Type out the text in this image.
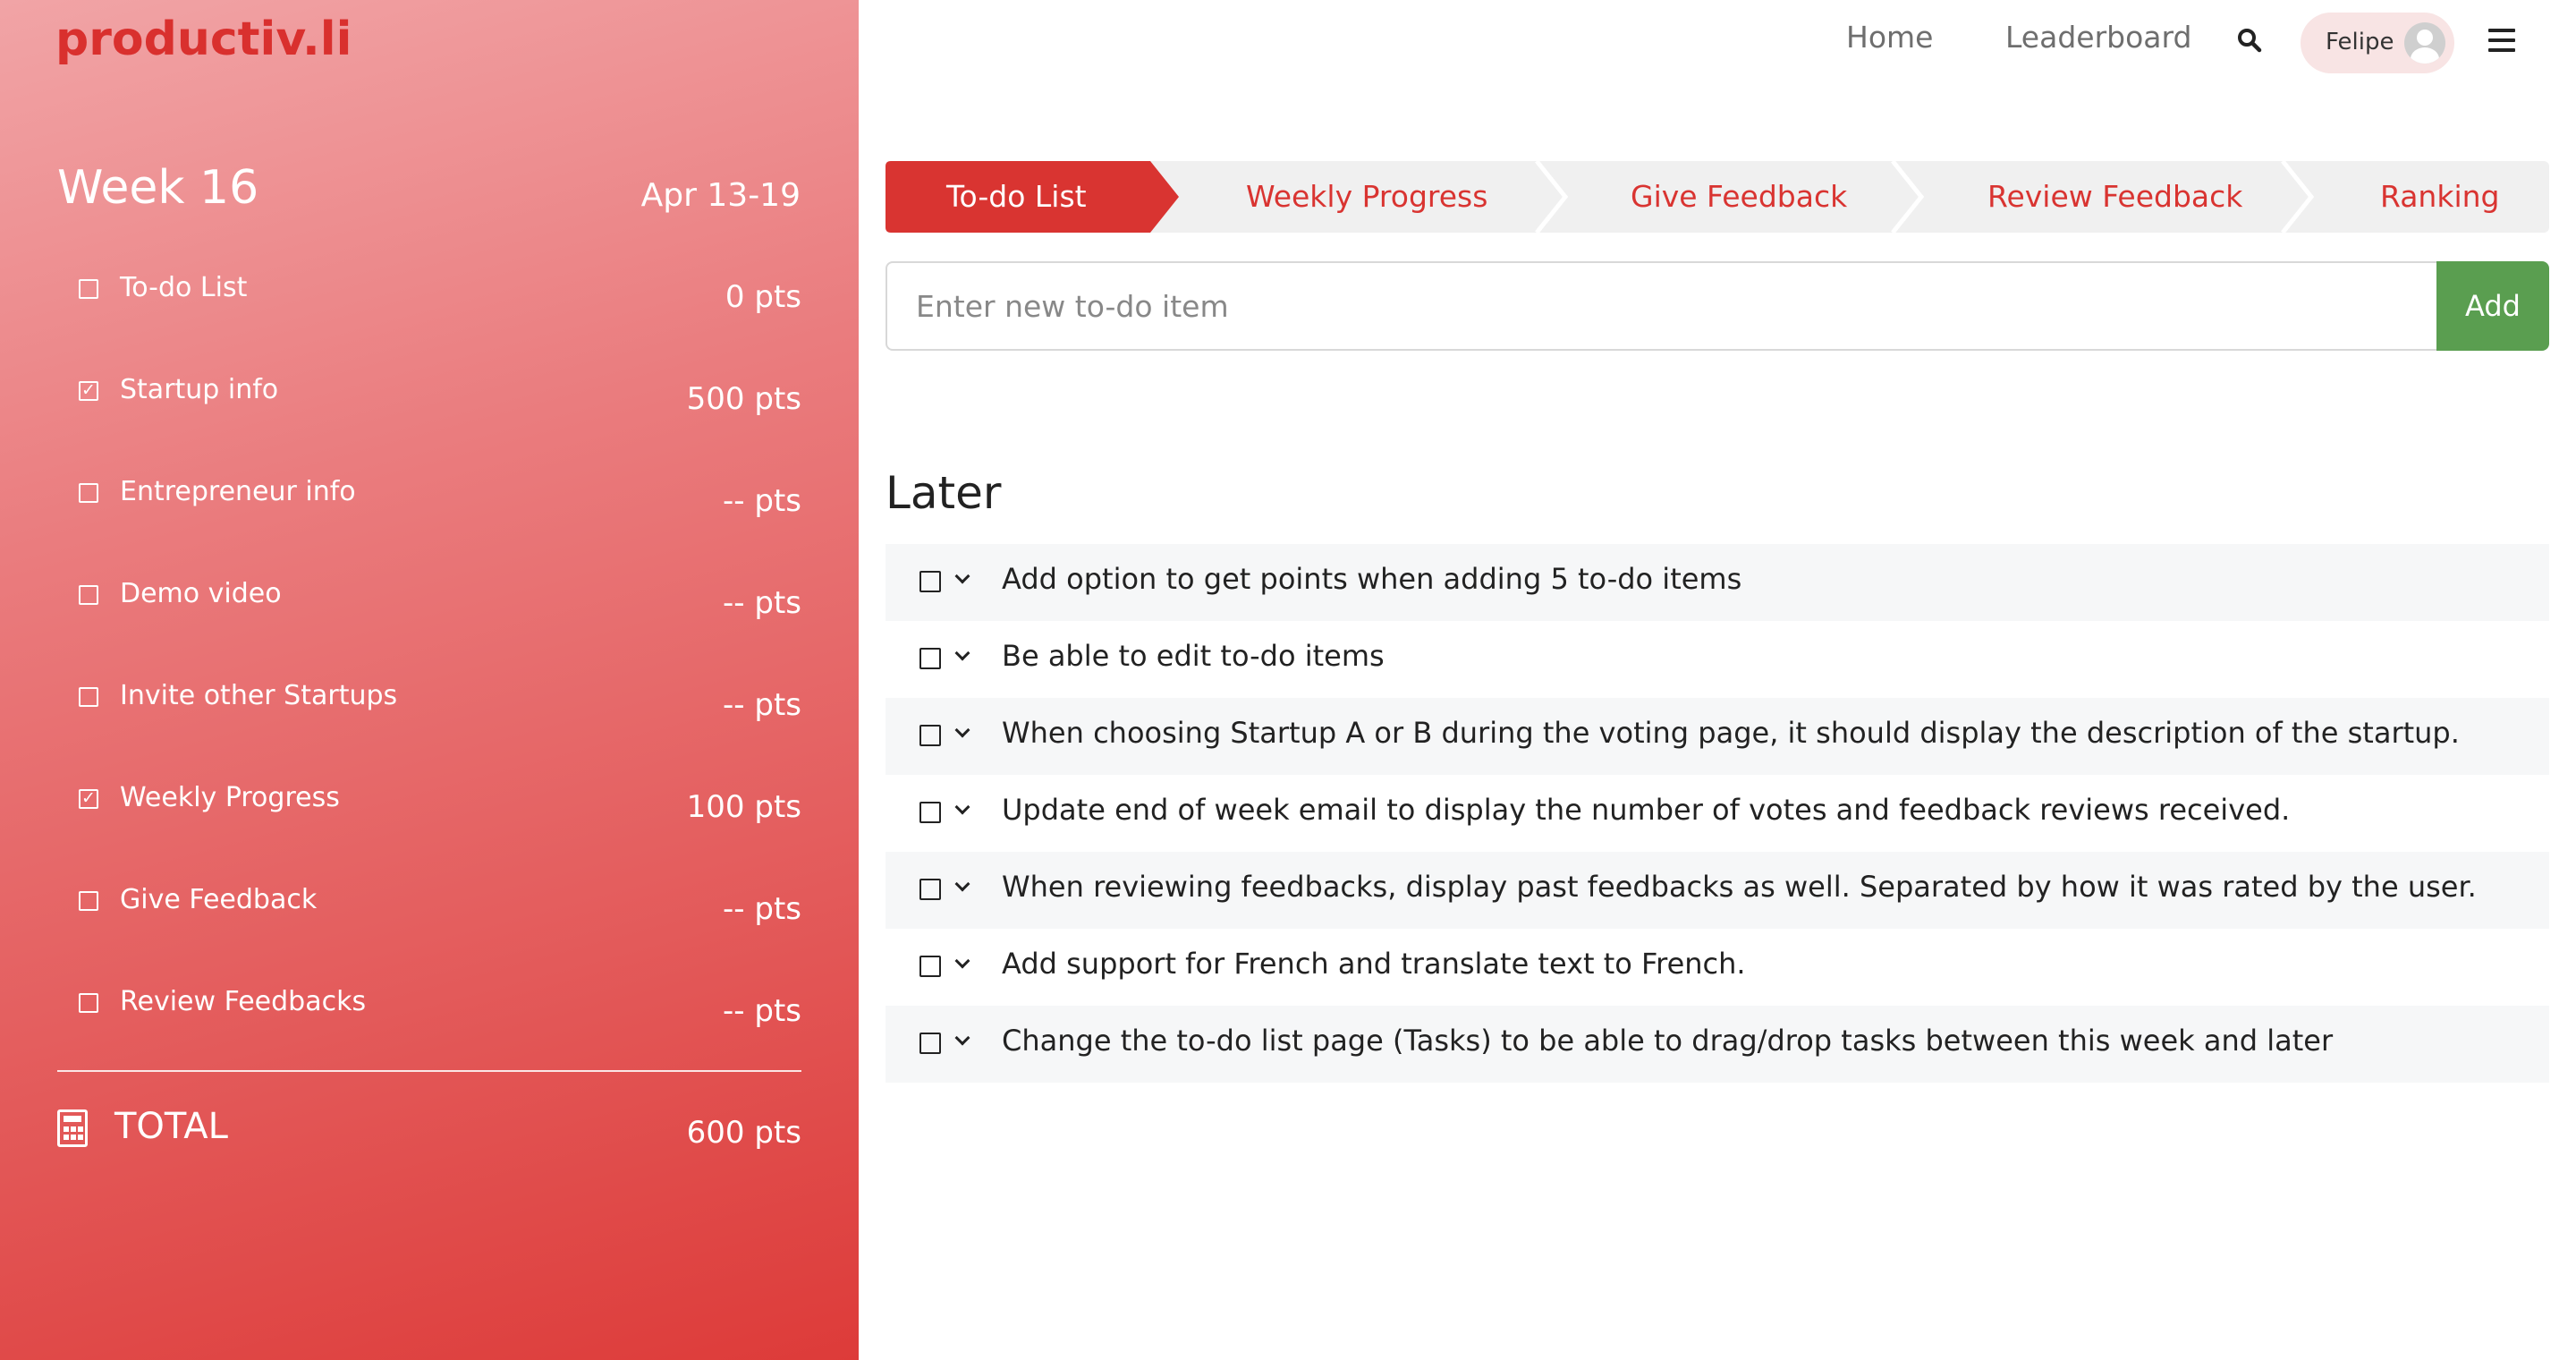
productiv.li
Week 16	Apr 13-19
To-do List	0 pts
✓ Startup info	500 pts
Entrepreneur info	-- pts
Demo video	-- pts
Invite other Startups	-- pts
✓ Weekly Progress	100 pts
Give Feedback	-- pts
Review Feedbacks	-- pts
TOTAL	600 pts
Home Leaderboard	Felipe
To-do List	Weekly Progress	Give Feedback	Review Feedback	Ranking
Enter new to-do item
Add
Later
Add option to get points when adding 5 to-do items
Be able to edit to-do items
When choosing Startup A or B during the voting page, it should display the description of the startup.
Update end of week email to display the number of votes and feedback reviews received.
When reviewing feedbacks, display past feedbacks as well. Separated by how it was rated by the user.
Add support for French and translate text to French.
Change the to-do list page (Tasks) to be able to drag/drop tasks between this week and later
